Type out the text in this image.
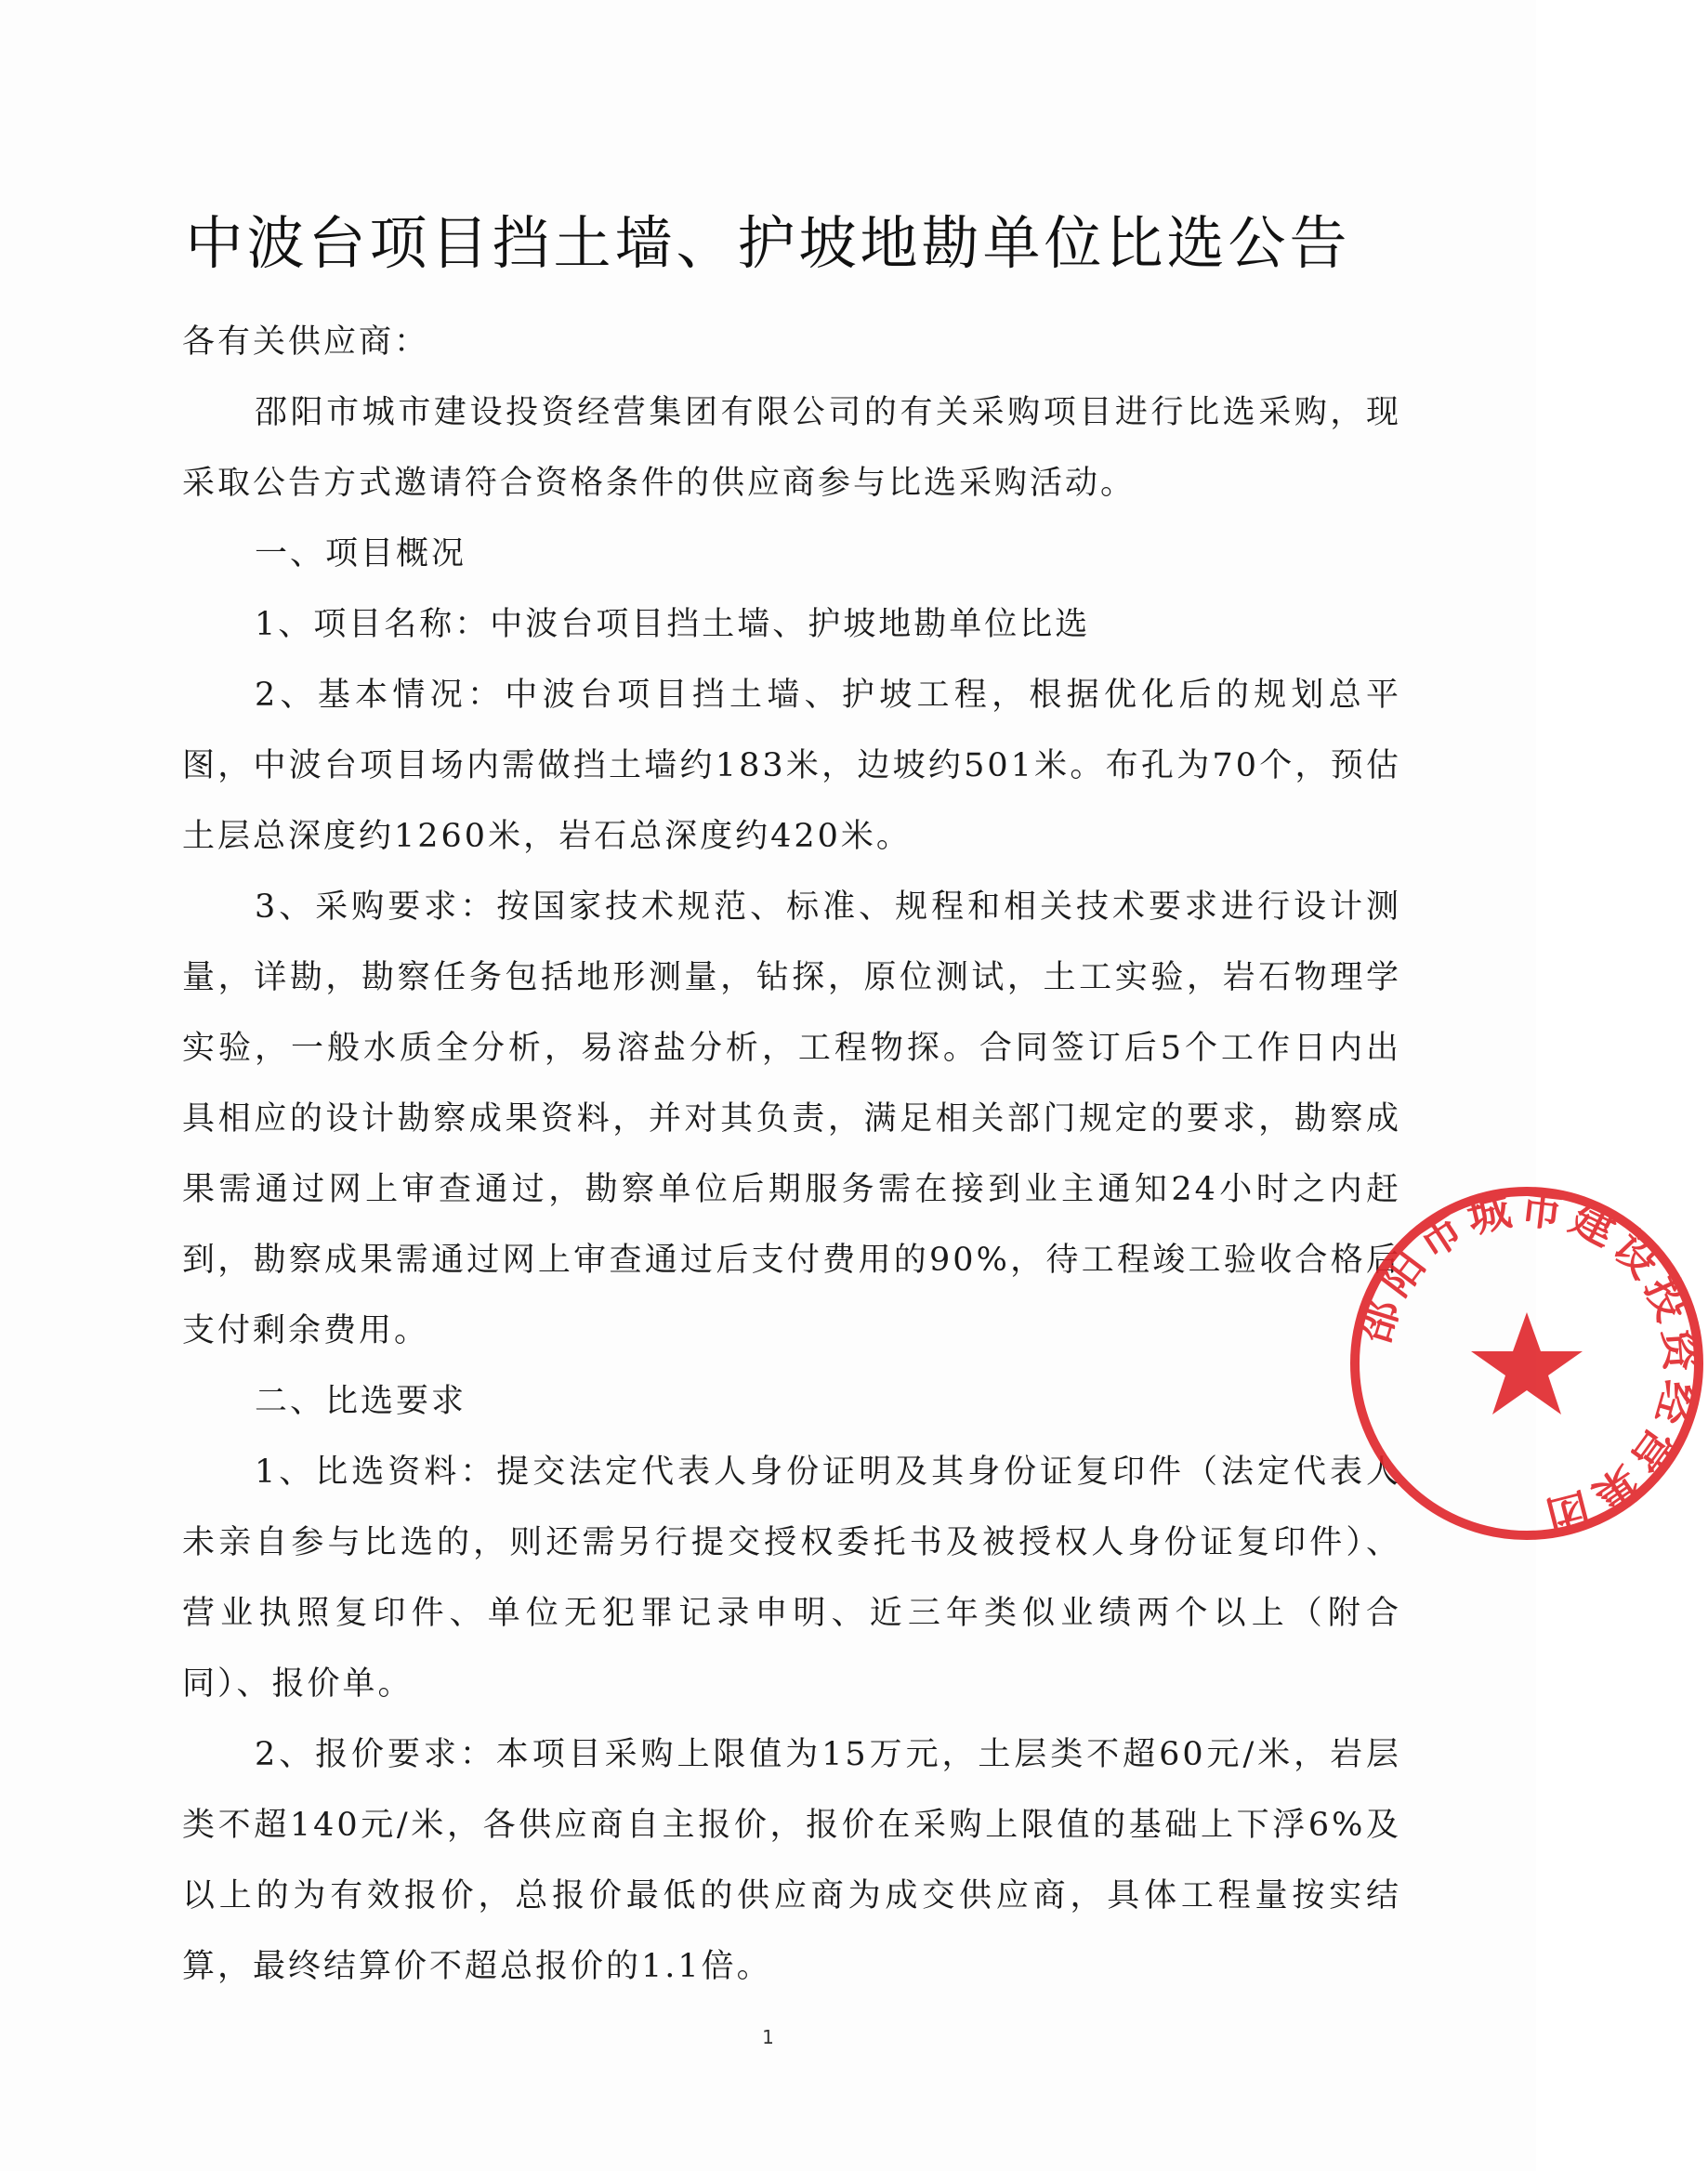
中波台项目挡土墙、护坡地勘单位比选公告

各有关供应商：

邵阳市城市建设投资经营集团有限公司的有关采购项目进行比选采购，现采取公告方式邀请符合资格条件的供应商参与比选采购活动。

一、项目概况

1、项目名称：中波台项目挡土墙、护坡地勘单位比选

2、基本情况：中波台项目挡土墙、护坡工程，根据优化后的规划总平图，中波台项目场内需做挡土墙约183米，边坡约501米。布孔为70个，预估土层总深度约1260米，岩石总深度约420米。

3、采购要求：按国家技术规范、标准、规程和相关技术要求进行设计测量，详勘，勘察任务包括地形测量，钻探，原位测试，土工实验，岩石物理学实验，一般水质全分析，易溶盐分析，工程物探。合同签订后5个工作日内出具相应的设计勘察成果资料，并对其负责，满足相关部门规定的要求，勘察成果需通过网上审查通过，勘察单位后期服务需在接到业主通知24小时之内赶到，勘察成果需通过网上审查通过后支付费用的90%，待工程竣工验收合格后支付剩余费用。

二、比选要求

1、比选资料：提交法定代表人身份证明及其身份证复印件（法定代表人未亲自参与比选的，则还需另行提交授权委托书及被授权人身份证复印件）、营业执照复印件、单位无犯罪记录申明、近三年类似业绩两个以上（附合同）、报价单。

2、报价要求：本项目采购上限值为15万元，土层类不超60元/米，岩层类不超140元/米，各供应商自主报价，报价在采购上限值的基础上下浮6%及以上的为有效报价，总报价最低的供应商为成交供应商，具体工程量按实结算，最终结算价不超总报价的1.1倍。

邵阳市城市建设投资经营集团
1
